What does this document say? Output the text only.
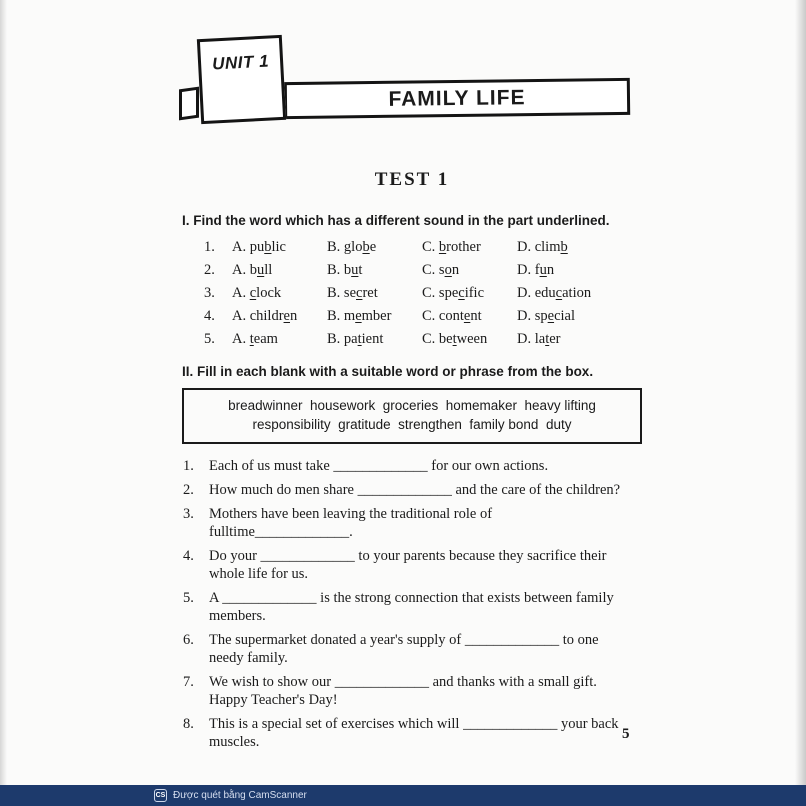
UNIT 1
FAMILY LIFE
TEST 1
I. Find the word which has a different sound in the part underlined.
1.	A. public	B. globe	C. brother	D. climb
2.	A. bull	B. but	C. son	D. fun
3.	A. clock	B. secret	C. specific	D. education
4.	A. children	B. member	C. content	D. special
5.	A. team	B. patient	C. between	D. later
II. Fill in each blank with a suitable word or phrase from the box.
breadwinner  housework  groceries  homemaker  heavy lifting
responsibility  gratitude  strengthen  family bond  duty
1.	Each of us must take _____________ for our own actions.
2.	How much do men share _____________ and the care of the children?
3.	Mothers have been leaving the traditional role of fulltime_____________.
4.	Do your _____________ to your parents because they sacrifice their
whole life for us.
5.	A _____________ is the strong connection that exists between family
members.
6.	The supermarket donated a year's supply of _____________ to one
needy family.
7.	We wish to show our _____________ and thanks with a small gift.
Happy Teacher's Day!
8.	This is a special set of exercises which will _____________ your back
muscles.	5
CS Được quét bằng CamScanner
